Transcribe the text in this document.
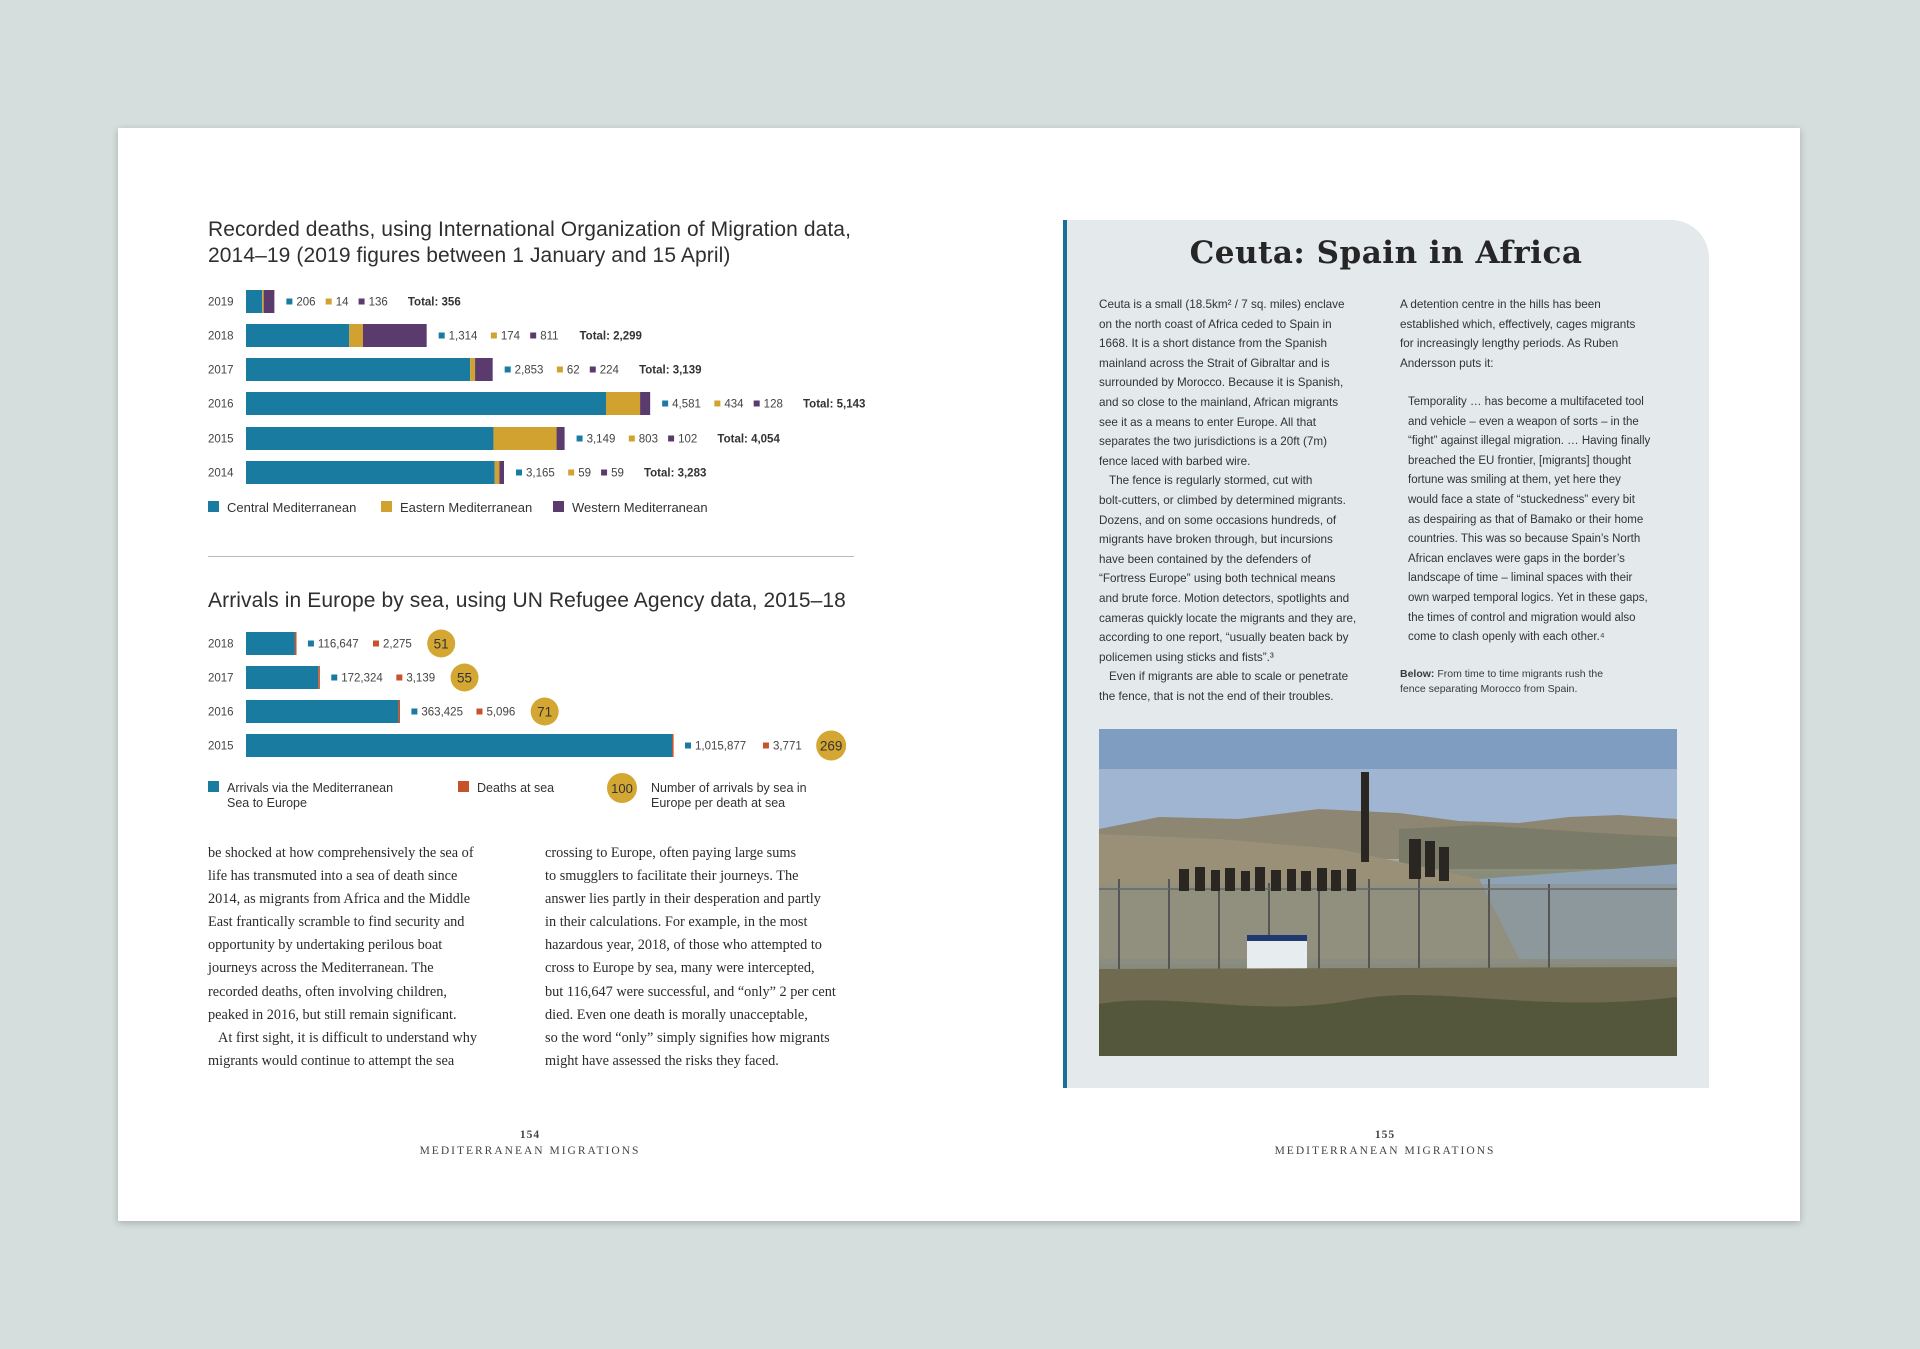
Recorded deaths, using International Organization of Migration data,
2014–19 (2019 figures between 1 January and 15 April)
2019	206 14 136 Total: 356
2018	1,314 174 811 Total: 2,299
2017	2,853 62 224 Total: 3,139
2016	4,581 434 128 Total: 5,143
2015	3,149 803 102 Total: 4,054
2014	3,165 59 59 Total: 3,283
Central Mediterranean	Eastern Mediterranean	Western Mediterranean
Arrivals in Europe by sea, using UN Refugee Agency data, 2015–18
2018	116,647 2,275 51
2017	172,324 3,139 55
2016	363,425 5,096 71
2015	1,015,877 3,771 269
Arrivals via the Mediterranean
Sea to Europe
Deaths at sea	100 Number of arrivals by sea in
Europe per death at sea

be shocked at how comprehensively the sea of
life has transmuted into a sea of death since
2014, as migrants from Africa and the Middle
East frantically scramble to find security and
opportunity by undertaking perilous boat
journeys across the Mediterranean. The
recorded deaths, often involving children,
peaked in 2016, but still remain significant.
At first sight, it is difficult to understand why
migrants would continue to attempt the sea

crossing to Europe, often paying large sums
to smugglers to facilitate their journeys. The
answer lies partly in their desperation and partly
in their calculations. For example, in the most
hazardous year, 2018, of those who attempted to
cross to Europe by sea, many were intercepted,
but 116,647 were successful, and “only” 2 per cent
died. Even one death is morally unacceptable,
so the word “only” simply signifies how migrants
might have assessed the risks they faced.

154
MEDITERRANEAN MIGRATIONS
Ceuta: Spain in Africa

Ceuta is a small (18.5km² / 7 sq. miles) enclave
on the north coast of Africa ceded to Spain in
1668. It is a short distance from the Spanish
mainland across the Strait of Gibraltar and is
surrounded by Morocco. Because it is Spanish,
and so close to the mainland, African migrants
see it as a means to enter Europe. All that
separates the two jurisdictions is a 20ft (7m)
fence laced with barbed wire.

The fence is regularly stormed, cut with
bolt-cutters, or climbed by determined migrants.
Dozens, and on some occasions hundreds, of
migrants have broken through, but incursions
have been contained by the defenders of
“Fortress Europe” using both technical means
and brute force. Motion detectors, spotlights and
cameras quickly locate the migrants and they are,
according to one report, “usually beaten back by
policemen using sticks and fists”.³

Even if migrants are able to scale or penetrate
the fence, that is not the end of their troubles.

A detention centre in the hills has been
established which, effectively, cages migrants
for increasingly lengthy periods. As Ruben
Andersson puts it:

Temporality … has become a multifaceted tool
and vehicle – even a weapon of sorts – in the
“fight” against illegal migration. … Having finally
breached the EU frontier, [migrants] thought
fortune was smiling at them, yet here they
would face a state of “stuckedness” every bit
as despairing as that of Bamako or their home
countries. This was so because Spain’s North
African enclaves were gaps in the border’s
landscape of time – liminal spaces with their
own warped temporal logics. Yet in these gaps,
the times of control and migration would also
come to clash openly with each other.⁴

Below: From time to time migrants rush the
fence separating Morocco from Spain.

155
MEDITERRANEAN MIGRATIONS
